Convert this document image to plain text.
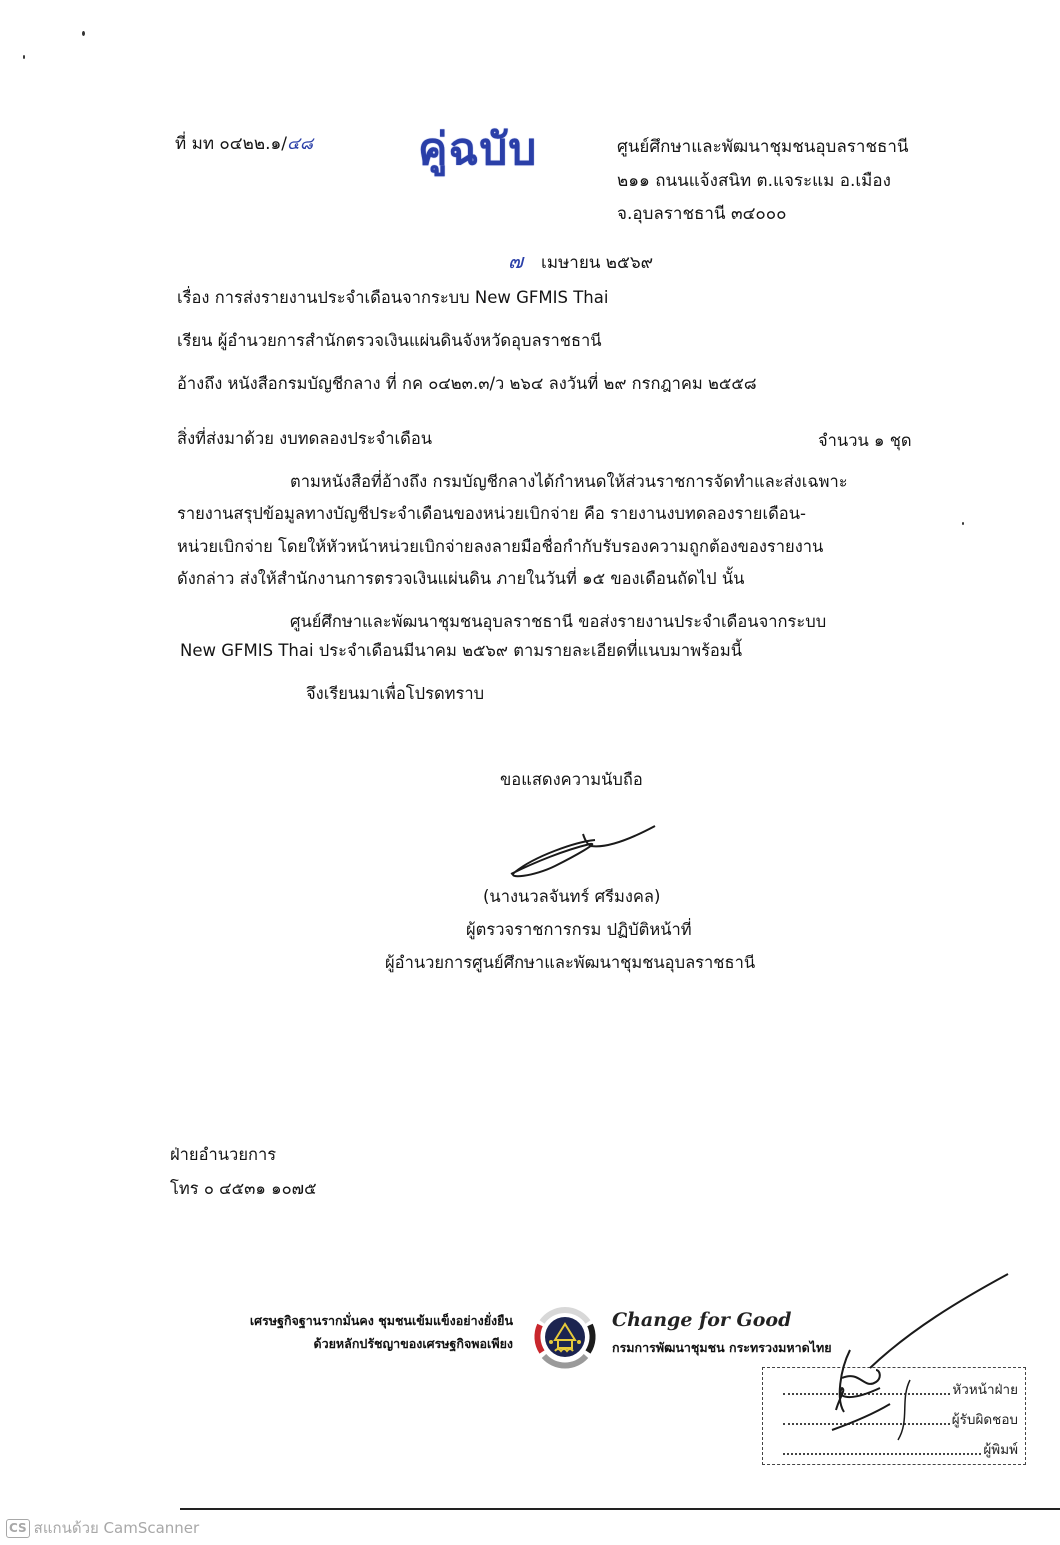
ที่ มท ๐๔๒๒.๑/๔๘ คู่ฉบับ	ศูนย์ศึกษาและพัฒนาชุมชนอุบลราชธานี
๒๑๑ ถนนแจ้งสนิท ต.แจระแม อ.เมือง
จ.อุบลราชธานี ๓๔๐๐๐
๗ เมษายน ๒๕๖๙
เรื่อง การส่งรายงานประจำเดือนจากระบบ New GFMIS Thai
เรียน ผู้อำนวยการสำนักตรวจเงินแผ่นดินจังหวัดอุบลราชธานี
อ้างถึง หนังสือกรมบัญชีกลาง ที่ กค ๐๔๒๓.๓/ว ๒๖๔ ลงวันที่ ๒๙ กรกฎาคม ๒๕๕๘
สิ่งที่ส่งมาด้วย งบทดลองประจำเดือน	จำนวน ๑ ชุด
ตามหนังสือที่อ้างถึง กรมบัญชีกลางได้กำหนดให้ส่วนราชการจัดทำและส่งเฉพาะ
รายงานสรุปข้อมูลทางบัญชีประจำเดือนของหน่วยเบิกจ่าย คือ รายงานงบทดลองรายเดือน-
หน่วยเบิกจ่าย โดยให้หัวหน้าหน่วยเบิกจ่ายลงลายมือชื่อกำกับรับรองความถูกต้องของรายงาน
ดังกล่าว ส่งให้สำนักงานการตรวจเงินแผ่นดิน ภายในวันที่ ๑๕ ของเดือนถัดไป นั้น
ศูนย์ศึกษาและพัฒนาชุมชนอุบลราชธานี ขอส่งรายงานประจำเดือนจากระบบ
New GFMIS Thai ประจำเดือนมีนาคม ๒๕๖๙ ตามรายละเอียดที่แนบมาพร้อมนี้
จึงเรียนมาเพื่อโปรดทราบ
ขอแสดงความนับถือ
(นางนวลจันทร์ ศรีมงคล)
ผู้ตรวจราชการกรม ปฏิบัติหน้าที่
ผู้อำนวยการศูนย์ศึกษาและพัฒนาชุมชนอุบลราชธานี
ฝ่ายอำนวยการ
โทร ๐ ๔๕๓๑ ๑๐๗๕
เศรษฐกิจฐานรากมั่นคง ชุมชนเข้มแข็งอย่างยั่งยืน
ด้วยหลักปรัชญาของเศรษฐกิจพอเพียง
Change for Good
กรมการพัฒนาชุมชน กระทรวงมหาดไทย
หัวหน้าฝ่าย
ผู้รับผิดชอบ
ผู้พิมพ์
CS สแกนด้วย CamScanner
